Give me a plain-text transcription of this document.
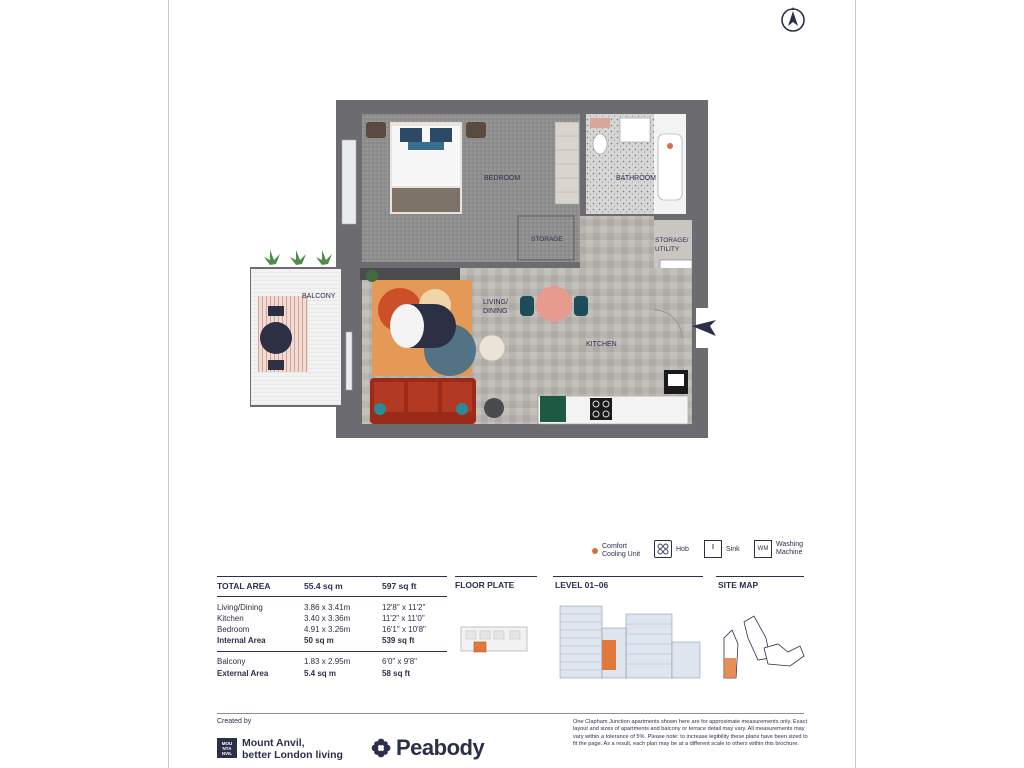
BEDROOM	BATHROOM
STORAGE	STORAGE/
UTILITY
LIVING/
DINING
KITCHEN
BALCONY
Comfort
Cooling Unit
Hob	Sink	WM
Washing
Machine
TOTAL AREA	55.4 sq m	597 sq ft
Living/Dining	3.86 x 3.41m	12'8" x 11'2"
Kitchen	3.40 x 3.36m	11'2" x 11'0"
Bedroom	4.91 x 3.26m	16'1" x 10'8"
Internal Area	50 sq m	539 sq ft
Balcony	1.83 x 2.95m	6'0" x 9'8"
External Area	5.4 sq m	58 sq ft
FLOOR PLATE	LEVEL 01–06	SITE MAP
Created by
MOU
NTA
NVIL
Mount Anvil,
better London living Peabody
One Clapham Junction apartments shown here are for approximate measurements only. Exact layout and sizes of apartments and balcony or terrace detail may vary. All measurements may vary within a tolerance of 5%. Please note: to increase legibility these plans have been sized to fit the page. As a result, each plan may be at a different scale to others within this brochure.
